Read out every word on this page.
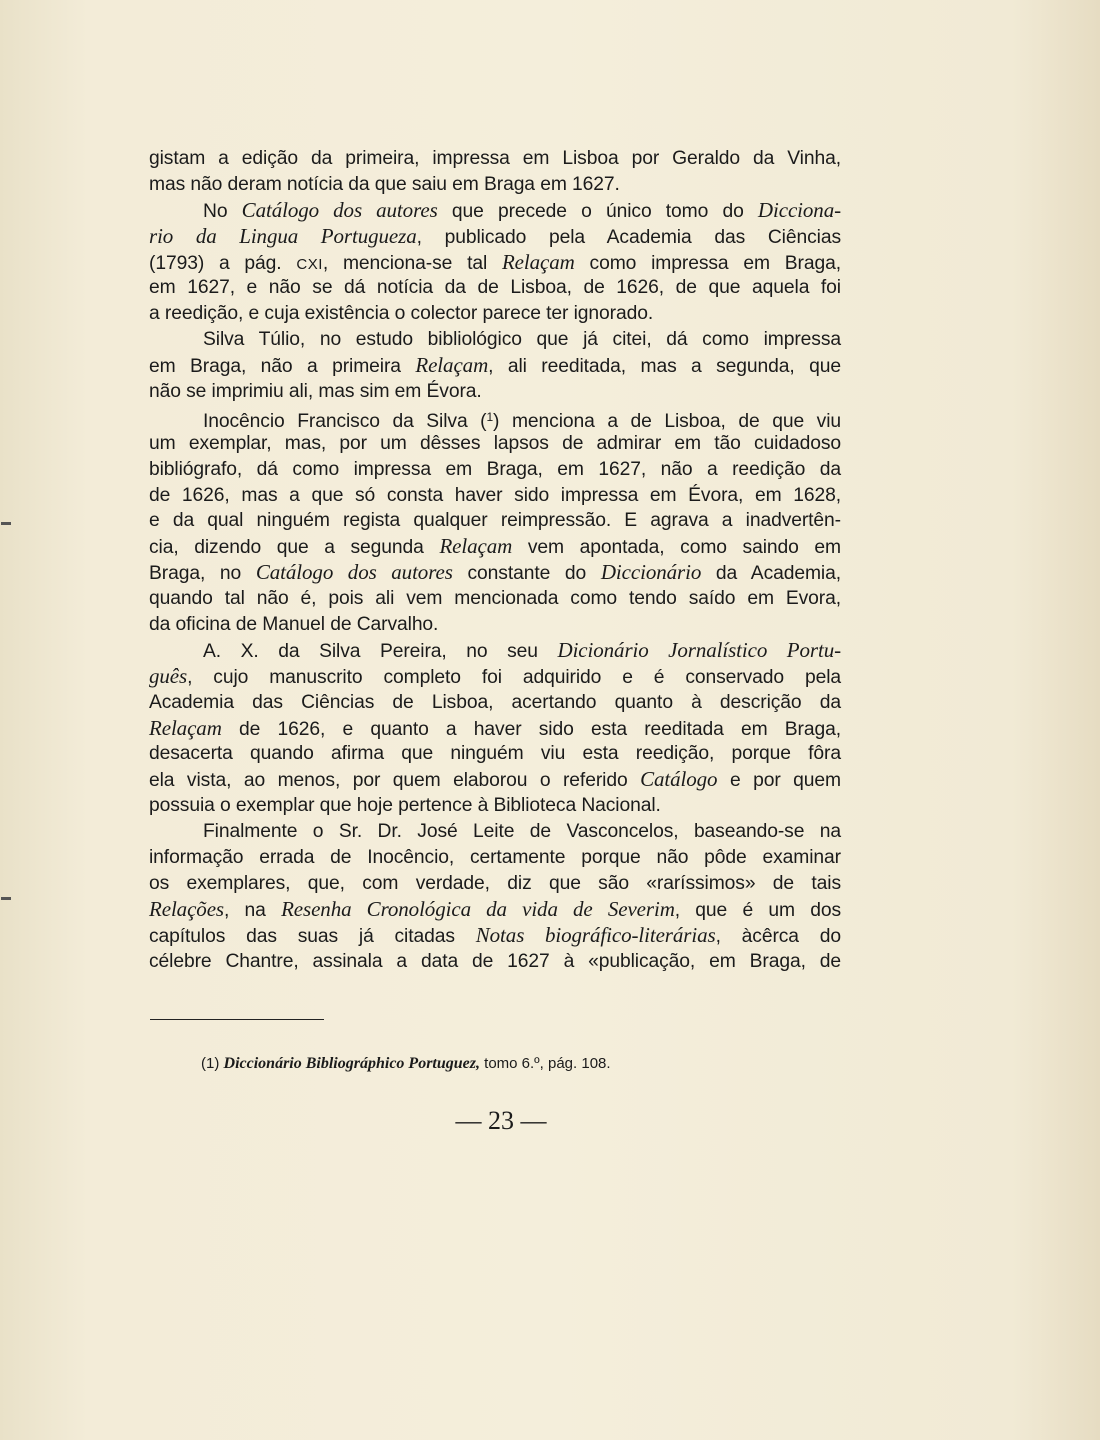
gistam a edição da primeira, impressa em Lisboa por Geraldo da Vinha,
mas não deram notícia da que saiu em Braga em 1627.
No Catálogo dos autores que precede o único tomo do Dicciona-
rio da Lingua Portugueza, publicado pela Academia das Ciências
(1793) a pág. CXI, menciona-se tal Relaçam como impressa em Braga,
em 1627, e não se dá notícia da de Lisboa, de 1626, de que aquela foi
a reedição, e cuja existência o colector parece ter ignorado.
Silva Túlio, no estudo bibliológico que já citei, dá como impressa
em Braga, não a primeira Relaçam, ali reeditada, mas a segunda, que
não se imprimiu ali, mas sim em Évora.
Inocêncio Francisco da Silva ($^1$) menciona a de Lisboa, de que viu
um exemplar, mas, por um dêsses lapsos de admirar em tão cuidadoso
bibliógrafo, dá como impressa em Braga, em 1627, não a reedição da
de 1626, mas a que só consta haver sido impressa em Évora, em 1628,
e da qual ninguém regista qualquer reimpressão. E agrava a inadvertên-
cia, dizendo que a segunda Relaçam vem apontada, como saindo em
Braga, no Catálogo dos autores constante do Diccionário da Academia,
quando tal não é, pois ali vem mencionada como tendo saído em Evora,
da oficina de Manuel de Carvalho.
A. X. da Silva Pereira, no seu Dicionário Jornalístico Portu-
guês, cujo manuscrito completo foi adquirido e é conservado pela
Academia das Ciências de Lisboa, acertando quanto à descrição da
Relaçam de 1626, e quanto a haver sido esta reeditada em Braga,
desacerta quando afirma que ninguém viu esta reedição, porque fôra
ela vista, ao menos, por quem elaborou o referido Catálogo e por quem
possuia o exemplar que hoje pertence à Biblioteca Nacional.
Finalmente o Sr. Dr. José Leite de Vasconcelos, baseando-se na
informação errada de Inocêncio, certamente porque não pôde examinar
os exemplares, que, com verdade, diz que são «raríssimos» de tais
Relações, na Resenha Cronológica da vida de Severim, que é um dos
capítulos das suas já citadas Notas biográfico-literárias, àcêrca do
célebre Chantre, assinala a data de 1627 à «publicação, em Braga, de
(1) Diccionário Bibliográphico Portuguez, tomo 6.º, pág. 108.
— 23 —
